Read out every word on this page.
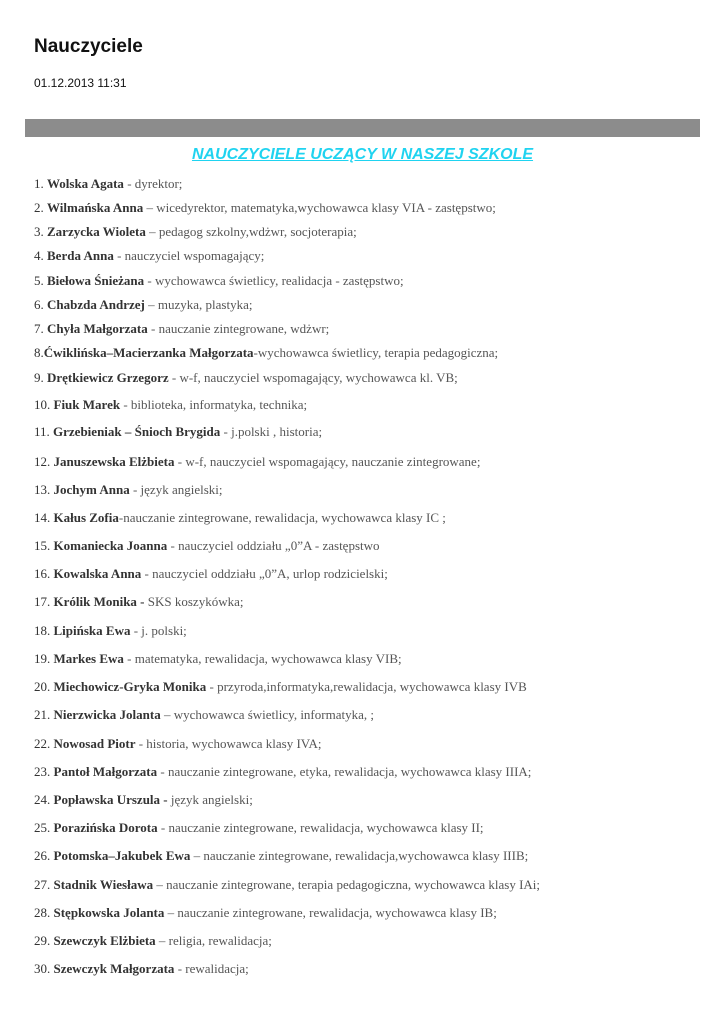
Nauczyciele
01.12.2013 11:31
NAUCZYCIELE UCZĄCY W NASZEJ SZKOLE
1. Wolska Agata - dyrektor;
2. Wilmańska Anna – wicedyrektor, matematyka,wychowawca klasy VIA - zastępstwo;
3. Zarzycka Wioleta – pedagog szkolny,wdżwr, socjoterapia;
4. Berda Anna - nauczyciel wspomagający;
5. Biełowa Śnieżana - wychowawca świetlicy, realidacja - zastępstwo;
6. Chabzda Andrzej – muzyka, plastyka;
7. Chyła Małgorzata - nauczanie zintegrowane, wdżwr;
8.Ćwiklińska–Macierzanka Małgorzata-wychowawca świetlicy, terapia pedagogiczna;
9. Drętkiewicz Grzegorz - w-f, nauczyciel wspomagający, wychowawca kl. VB;
10. Fiuk Marek - biblioteka, informatyka, technika;
11. Grzebieniak – Śnioch Brygida - j.polski , historia;
12. Januszewska Elżbieta - w-f, nauczyciel wspomagający, nauczanie zintegrowane;
13. Jochym Anna - język angielski;
14. Kałus Zofia-nauczanie zintegrowane, rewalidacja, wychowawca klasy IC ;
15. Komaniecka Joanna - nauczyciel oddziału „0”A - zastępstwo
16. Kowalska Anna - nauczyciel oddziału „0”A, urlop rodzicielski;
17. Królik Monika - SKS koszykówka;
18. Lipińska Ewa - j. polski;
19. Markes Ewa - matematyka, rewalidacja, wychowawca klasy VIB;
20. Miechowicz-Gryka Monika - przyroda,informatyka,rewalidacja, wychowawca klasy IVB
21. Nierzwicka Jolanta – wychowawca świetlicy, informatyka, ;
22. Nowosad Piotr - historia, wychowawca klasy IVA;
23. Pantoł Małgorzata - nauczanie zintegrowane, etyka, rewalidacja, wychowawca klasy IIIA;
24. Popławska Urszula - język angielski;
25. Porazińska Dorota - nauczanie zintegrowane, rewalidacja, wychowawca klasy II;
26. Potomska–Jakubek Ewa – nauczanie zintegrowane, rewalidacja,wychowawca klasy IIIB;
27. Stadnik Wiesława – nauczanie zintegrowane, terapia pedagogiczna, wychowawca klasy IAi;
28. Stępkowska Jolanta – nauczanie zintegrowane, rewalidacja, wychowawca klasy IB;
29. Szewczyk Elżbieta – religia, rewalidacja;
30. Szewczyk Małgorzata - rewalidacja;
